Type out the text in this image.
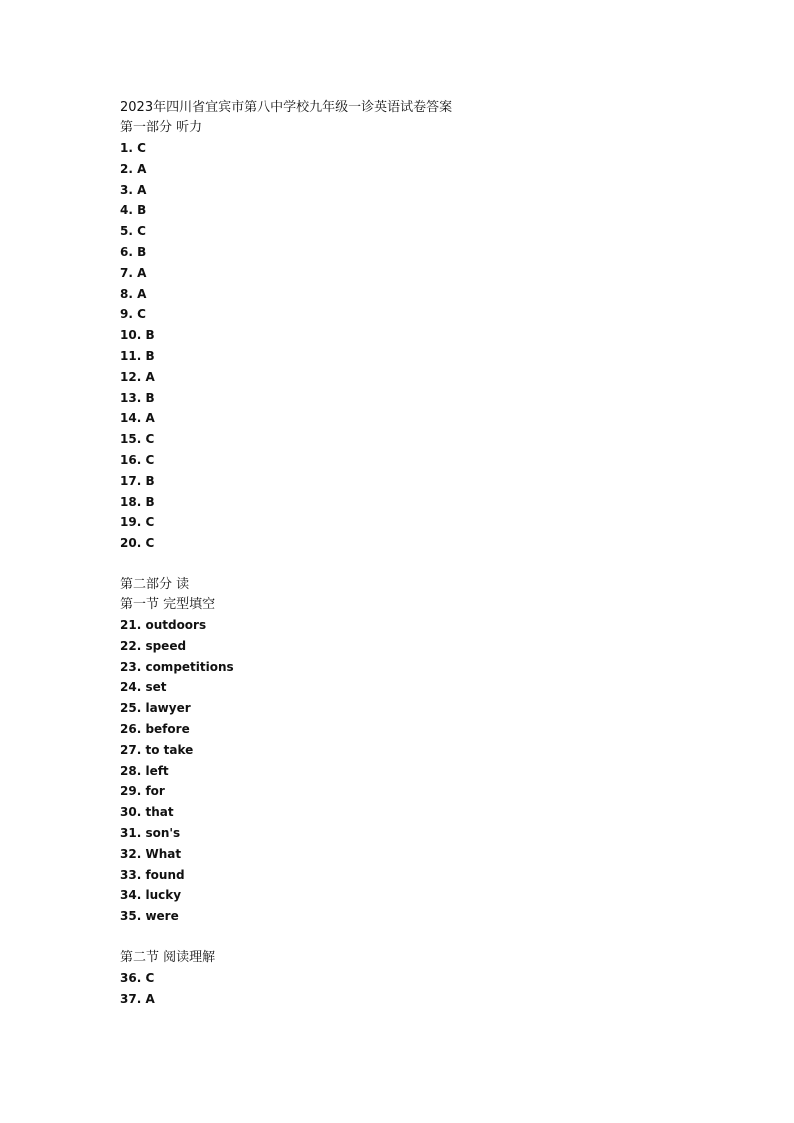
2023年四川省宜宾市第八中学校九年级一诊英语试卷答案
第一部分 听力
1. C
2. A
3. A
4. B
5. C
6. B
7. A
8. A
9. C
10. B
11. B
12. A
13. B
14. A
15. C
16. C
17. B
18. B
19. C
20. C
第二部分 读
第一节 完型填空
21. outdoors
22. speed
23. competitions
24. set
25. lawyer
26. before
27. to take
28. left
29. for
30. that
31. son's
32. What
33. found
34. lucky
35. were
第二节 阅读理解
36. C
37. A
